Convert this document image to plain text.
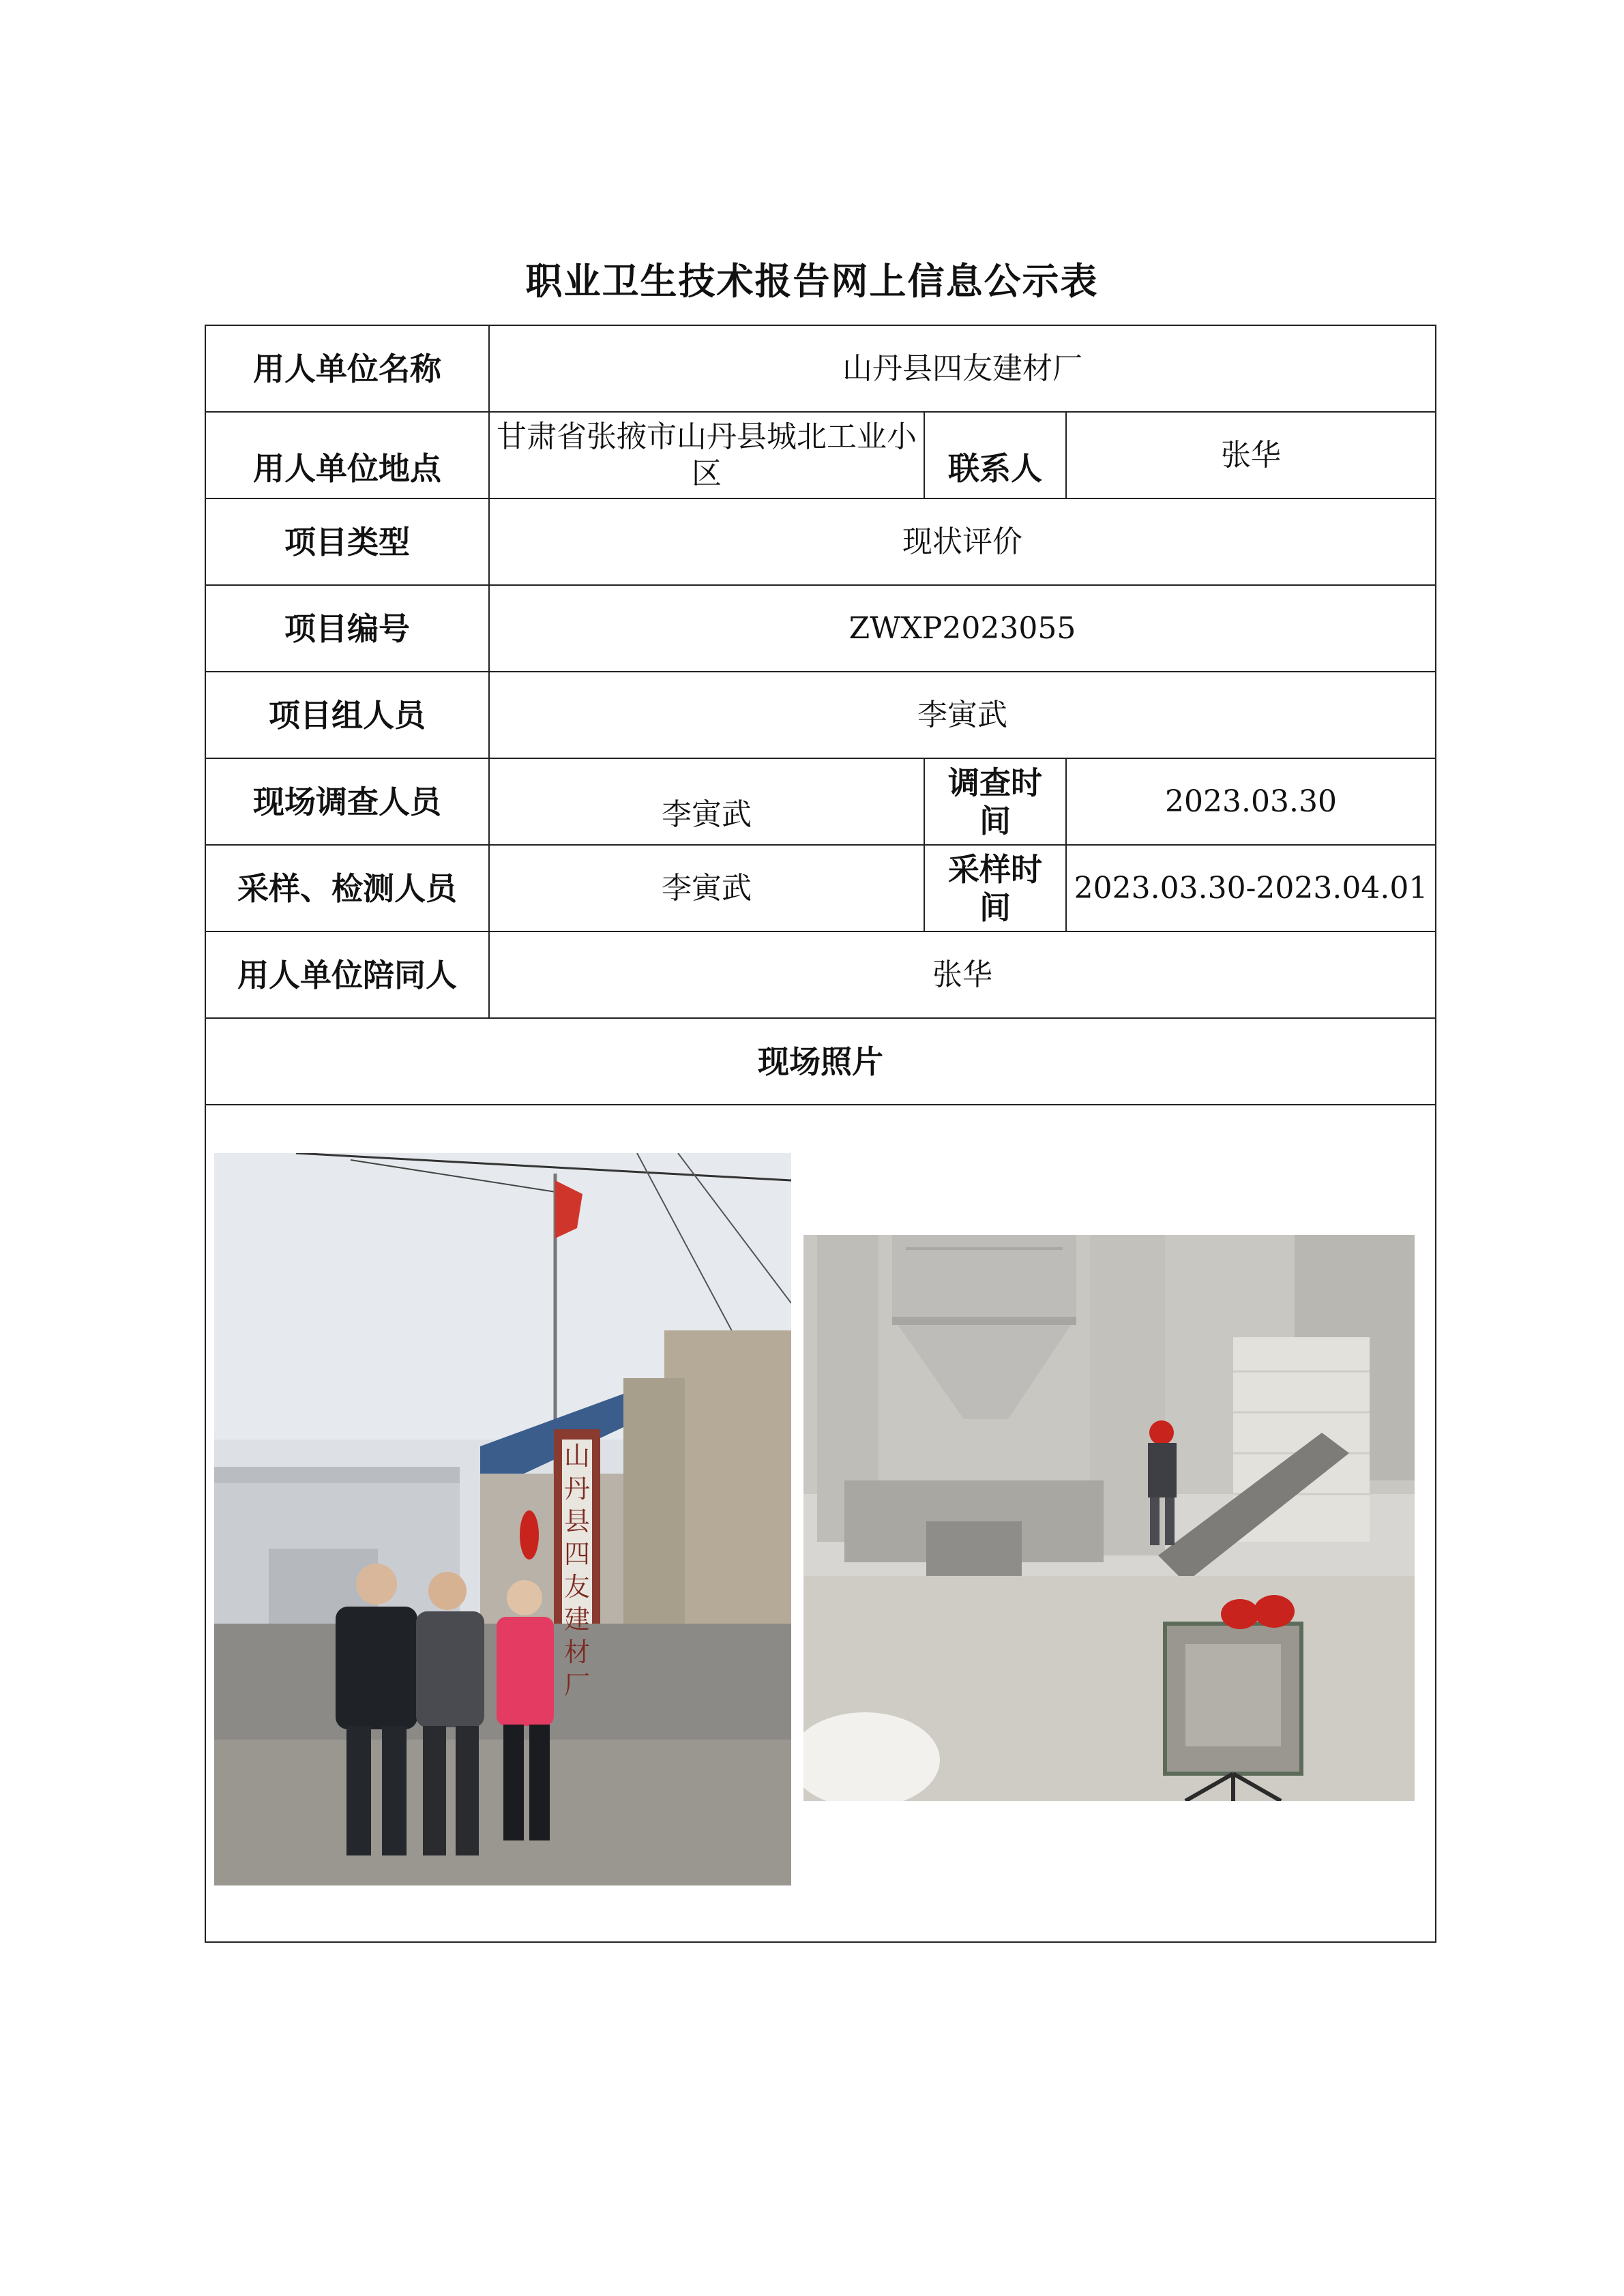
职业卫生技术报告网上信息公示表
用人单位名称	山丹县四友建材厂		
用人单位地点	甘肃省张掖市山丹县城北工业小区	联系人	张华
项目类型	现状评价		
项目编号	ZWXP2023055		
项目组人员	李寅武		
现场调查人员	李寅武	调查时间	2023.03.30
采样、检测人员	李寅武	采样时间	2023.03.30-2023.04.01
用人单位陪同人	张华		
现场照片			

山丹县四友建材厂			
